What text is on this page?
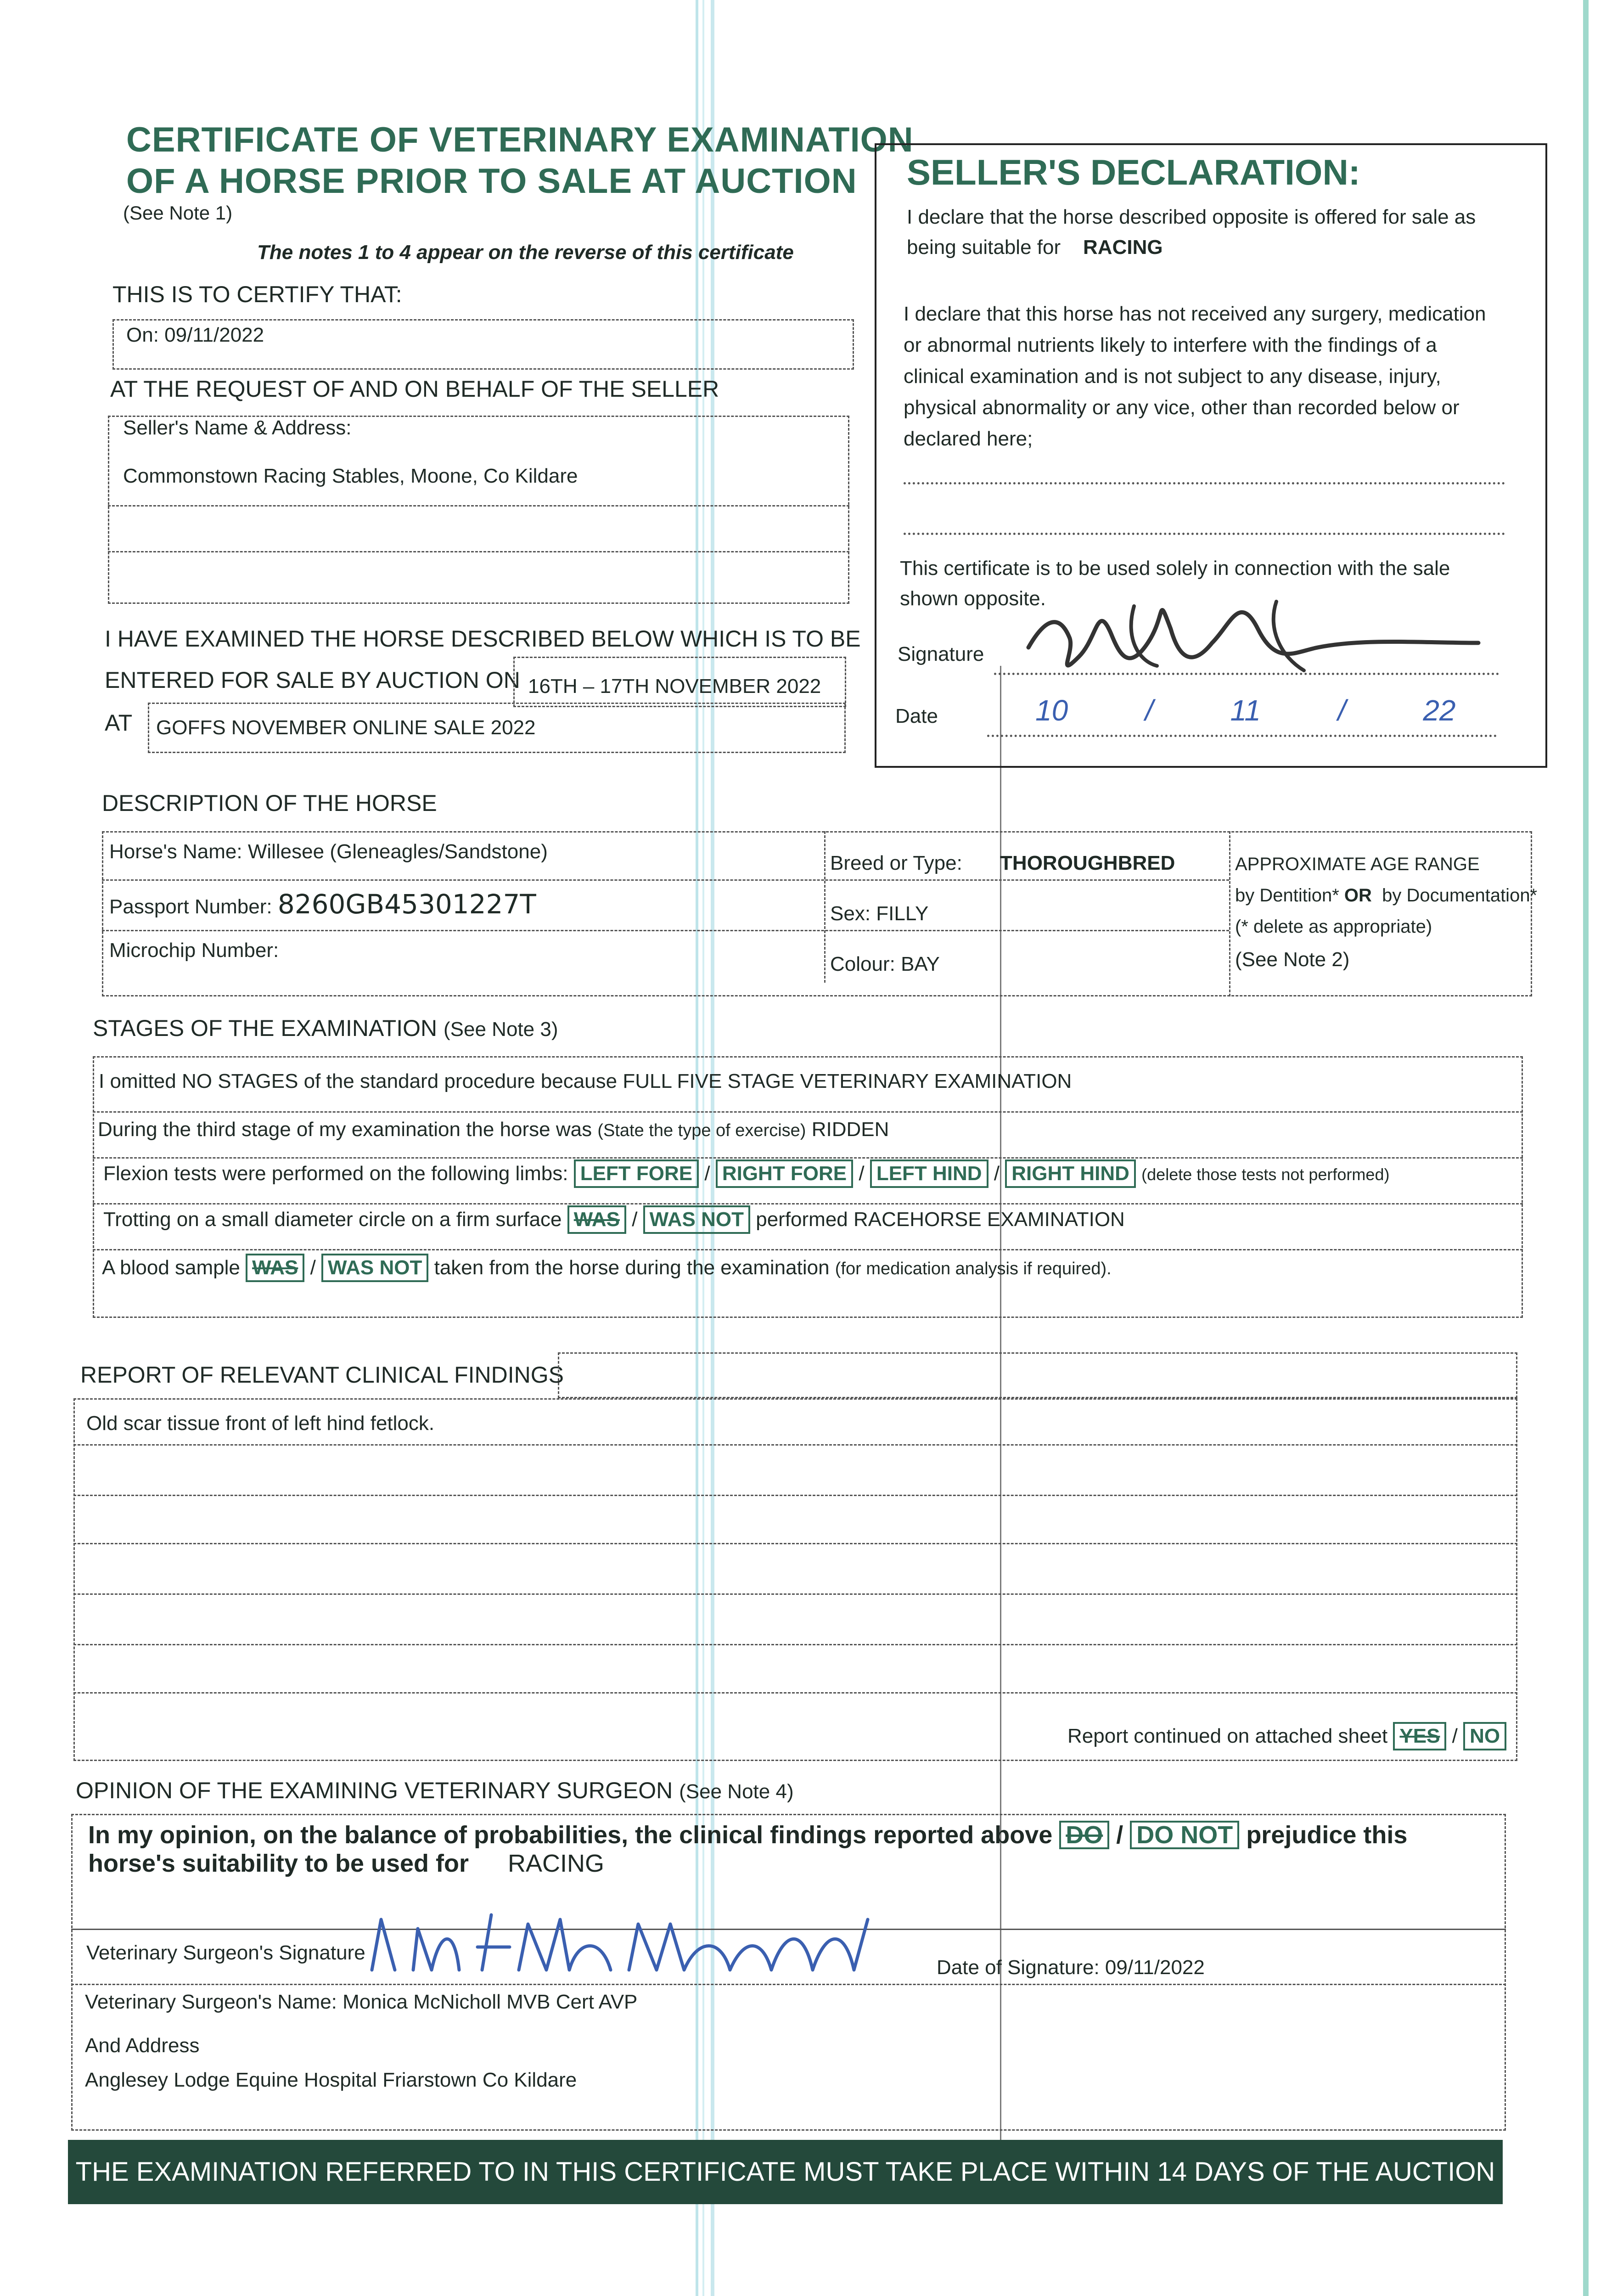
CERTIFICATE OF VETERINARY EXAMINATION
OF A HORSE PRIOR TO SALE AT AUCTION
(See Note 1)
The notes 1 to 4 appear on the reverse of this certificate
THIS IS TO CERTIFY THAT:
On: 09/11/2022
AT THE REQUEST OF AND ON BEHALF OF THE SELLER
Seller's Name & Address:
Commonstown Racing Stables, Moone, Co Kildare
I HAVE EXAMINED THE HORSE DESCRIBED BELOW WHICH IS TO BE
ENTERED FOR SALE BY AUCTION ON 16TH – 17TH NOVEMBER 2022
AT GOFFS NOVEMBER ONLINE SALE 2022
SELLER'S DECLARATION:
I declare that the horse described opposite is offered for sale as
being suitable for RACING
I declare that this horse has not received any surgery, medication
or abnormal nutrients likely to interfere with the findings of a
clinical examination and is not subject to any disease, injury,
physical abnormality or any vice, other than recorded below or
declared here;
This certificate is to be used solely in connection with the sale
shown opposite.
Signature
Date	10 / 11 / 22
DESCRIPTION OF THE HORSE
Horse's Name: Willesee (Gleneagles/Sandstone)
Passport Number: 8260GB45301227T
Microchip Number:
Breed or Type: THOROUGHBRED
Sex: FILLY
Colour: BAY
APPROXIMATE AGE RANGE
by Dentition* OR by Documentation*
(* delete as appropriate)
(See Note 2)
STAGES OF THE EXAMINATION (See Note 3)
I omitted NO STAGES of the standard procedure because FULL FIVE STAGE VETERINARY EXAMINATION
During the third stage of my examination the horse was (State the type of exercise) RIDDEN
Flexion tests were performed on the following limbs: LEFT FORE / RIGHT FORE / LEFT HIND / RIGHT HIND (delete those tests not performed)
Trotting on a small diameter circle on a firm surface WAS / WAS NOT performed RACEHORSE EXAMINATION
A blood sample WAS / WAS NOT taken from the horse during the examination (for medication analysis if required).
REPORT OF RELEVANT CLINICAL FINDINGS
Old scar tissue front of left hind fetlock.
Report continued on attached sheet YES / NO
OPINION OF THE EXAMINING VETERINARY SURGEON (See Note 4)
In my opinion, on the balance of probabilities, the clinical findings reported above DO / DO NOT prejudice this
horse's suitability to be used for RACING
Veterinary Surgeon's Signature
Date of Signature: 09/11/2022
Veterinary Surgeon's Name: Monica McNicholl MVB Cert AVP
And Address
Anglesey Lodge Equine Hospital Friarstown Co Kildare
THE EXAMINATION REFERRED TO IN THIS CERTIFICATE MUST TAKE PLACE WITHIN 14 DAYS OF THE AUCTION
